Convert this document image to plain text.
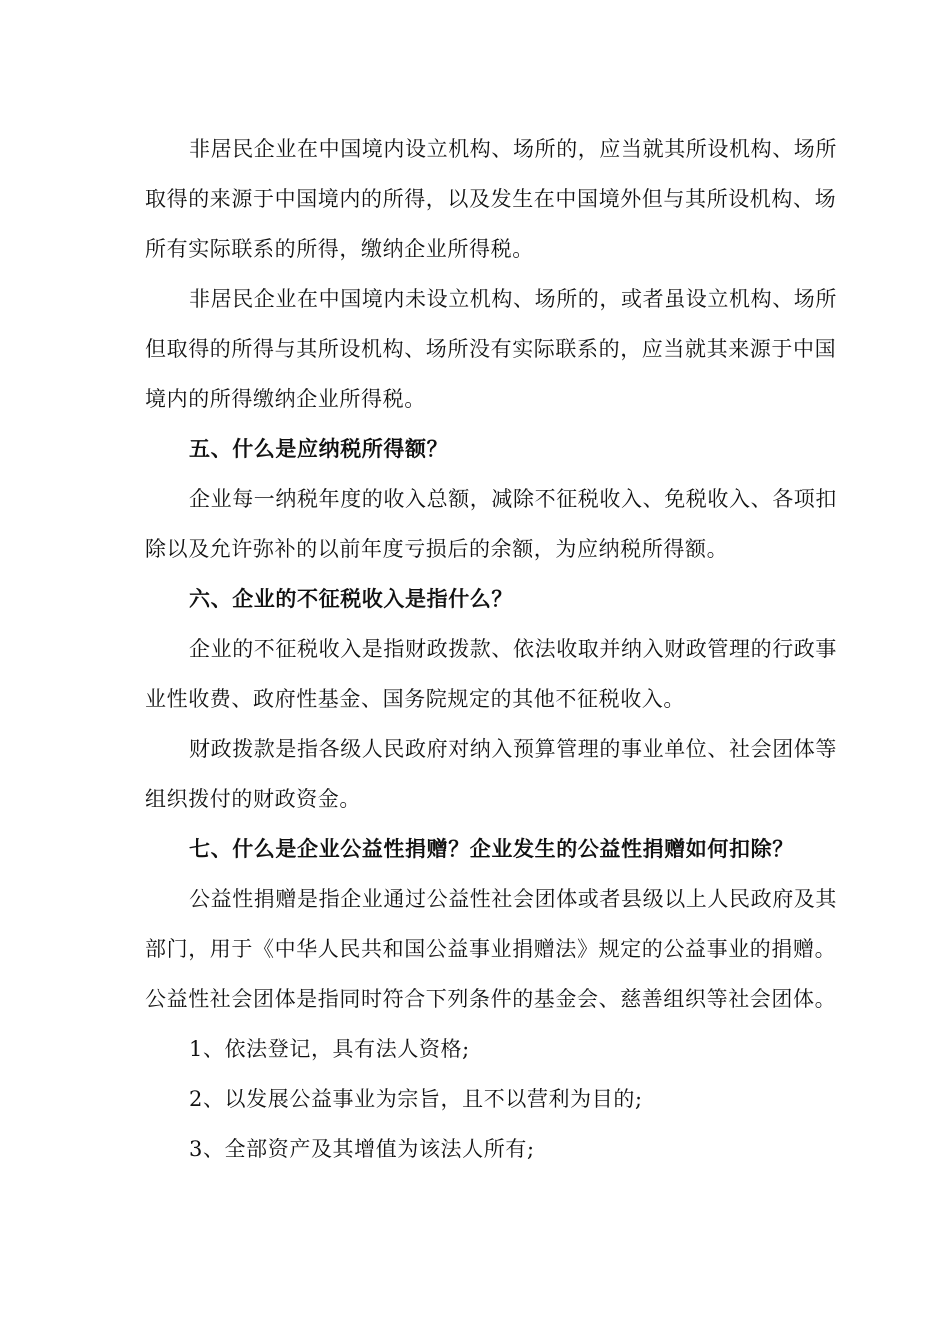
非居民企业在中国境内设立机构、场所的，应当就其所设机构、场所取得的来源于中国境内的所得，以及发生在中国境外但与其所设机构、场所有实际联系的所得，缴纳企业所得税。

非居民企业在中国境内未设立机构、场所的，或者虽设立机构、场所但取得的所得与其所设机构、场所没有实际联系的，应当就其来源于中国境内的所得缴纳企业所得税。

五、什么是应纳税所得额？

企业每一纳税年度的收入总额，减除不征税收入、免税收入、各项扣除以及允许弥补的以前年度亏损后的余额，为应纳税所得额。

六、企业的不征税收入是指什么？

企业的不征税收入是指财政拨款、依法收取并纳入财政管理的行政事业性收费、政府性基金、国务院规定的其他不征税收入。

财政拨款是指各级人民政府对纳入预算管理的事业单位、社会团体等组织拨付的财政资金。

七、什么是企业公益性捐赠？企业发生的公益性捐赠如何扣除？

公益性捐赠是指企业通过公益性社会团体或者县级以上人民政府及其部门，用于《中华人民共和国公益事业捐赠法》规定的公益事业的捐赠。公益性社会团体是指同时符合下列条件的基金会、慈善组织等社会团体。

1、依法登记，具有法人资格;

2、以发展公益事业为宗旨，且不以营利为目的;

3、全部资产及其增值为该法人所有;
